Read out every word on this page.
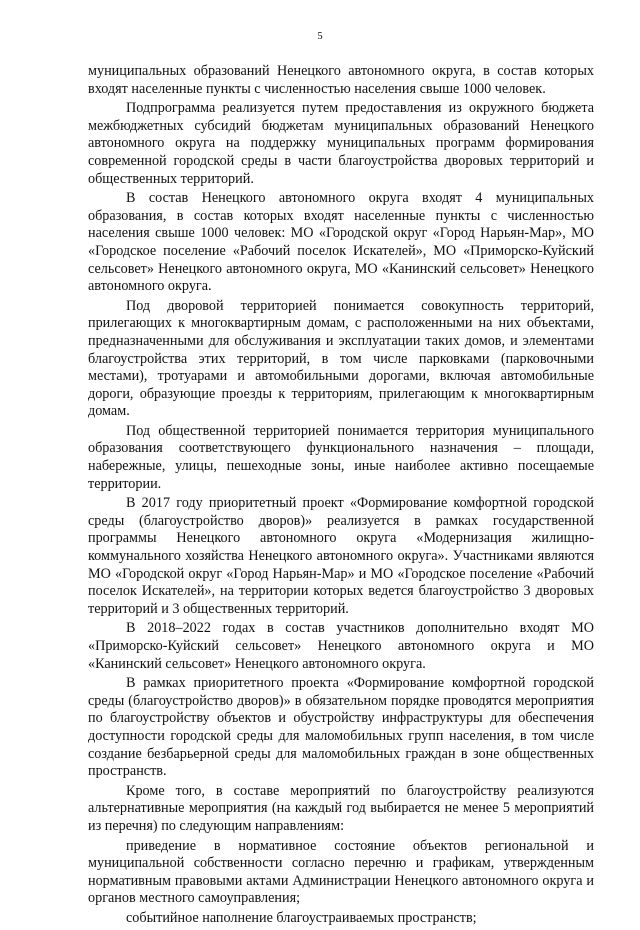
5

муниципальных образований Ненецкого автономного округа, в состав которых входят населенные пункты с численностью населения свыше 1000 человек.

Подпрограмма реализуется путем предоставления из окружного бюджета межбюджетных субсидий бюджетам муниципальных образований Ненецкого автономного округа на поддержку муниципальных программ формирования современной городской среды в части благоустройства дворовых территорий и общественных территорий.

В состав Ненецкого автономного округа входят 4 муниципальных образования, в состав которых входят населенные пункты с численностью населения свыше 1000 человек: МО «Городской округ «Город Нарьян-Мар», МО «Городское поселение «Рабочий поселок Искателей», МО «Приморско-Куйский сельсовет» Ненецкого автономного округа, МО «Канинский сельсовет» Ненецкого автономного округа.

Под дворовой территорией понимается совокупность территорий, прилегающих к многоквартирным домам, с расположенными на них объектами, предназначенными для обслуживания и эксплуатации таких домов, и элементами благоустройства этих территорий, в том числе парковками (парковочными местами), тротуарами и автомобильными дорогами, включая автомобильные дороги, образующие проезды к территориям, прилегающим к многоквартирным домам.

Под общественной территорией понимается территория муниципального образования соответствующего функционального назначения – площади, набережные, улицы, пешеходные зоны, иные наиболее активно посещаемые территории.

В 2017 году приоритетный проект «Формирование комфортной городской среды (благоустройство дворов)» реализуется в рамках государственной программы Ненецкого автономного округа «Модернизация жилищно-коммунального хозяйства Ненецкого автономного округа». Участниками являются МО «Городской округ «Город Нарьян-Мар» и МО «Городское поселение «Рабочий поселок Искателей», на территории которых ведется благоустройство 3 дворовых территорий и 3 общественных территорий.

В 2018–2022 годах в состав участников дополнительно входят МО «Приморско-Куйский сельсовет» Ненецкого автономного округа и МО «Канинский сельсовет» Ненецкого автономного округа.

В рамках приоритетного проекта «Формирование комфортной городской среды (благоустройство дворов)» в обязательном порядке проводятся мероприятия по благоустройству объектов и обустройству инфраструктуры для обеспечения доступности городской среды для маломобильных групп населения, в том числе создание безбарьерной среды для маломобильных граждан в зоне общественных пространств.

Кроме того, в составе мероприятий по благоустройству реализуются альтернативные мероприятия (на каждый год выбирается не менее 5 мероприятий из перечня) по следующим направлениям:

приведение в нормативное состояние объектов региональной и муниципальной собственности согласно перечню и графикам, утвержденным нормативным правовыми актами Администрации Ненецкого автономного округа и органов местного самоуправления;

событийное наполнение благоустраиваемых пространств;
